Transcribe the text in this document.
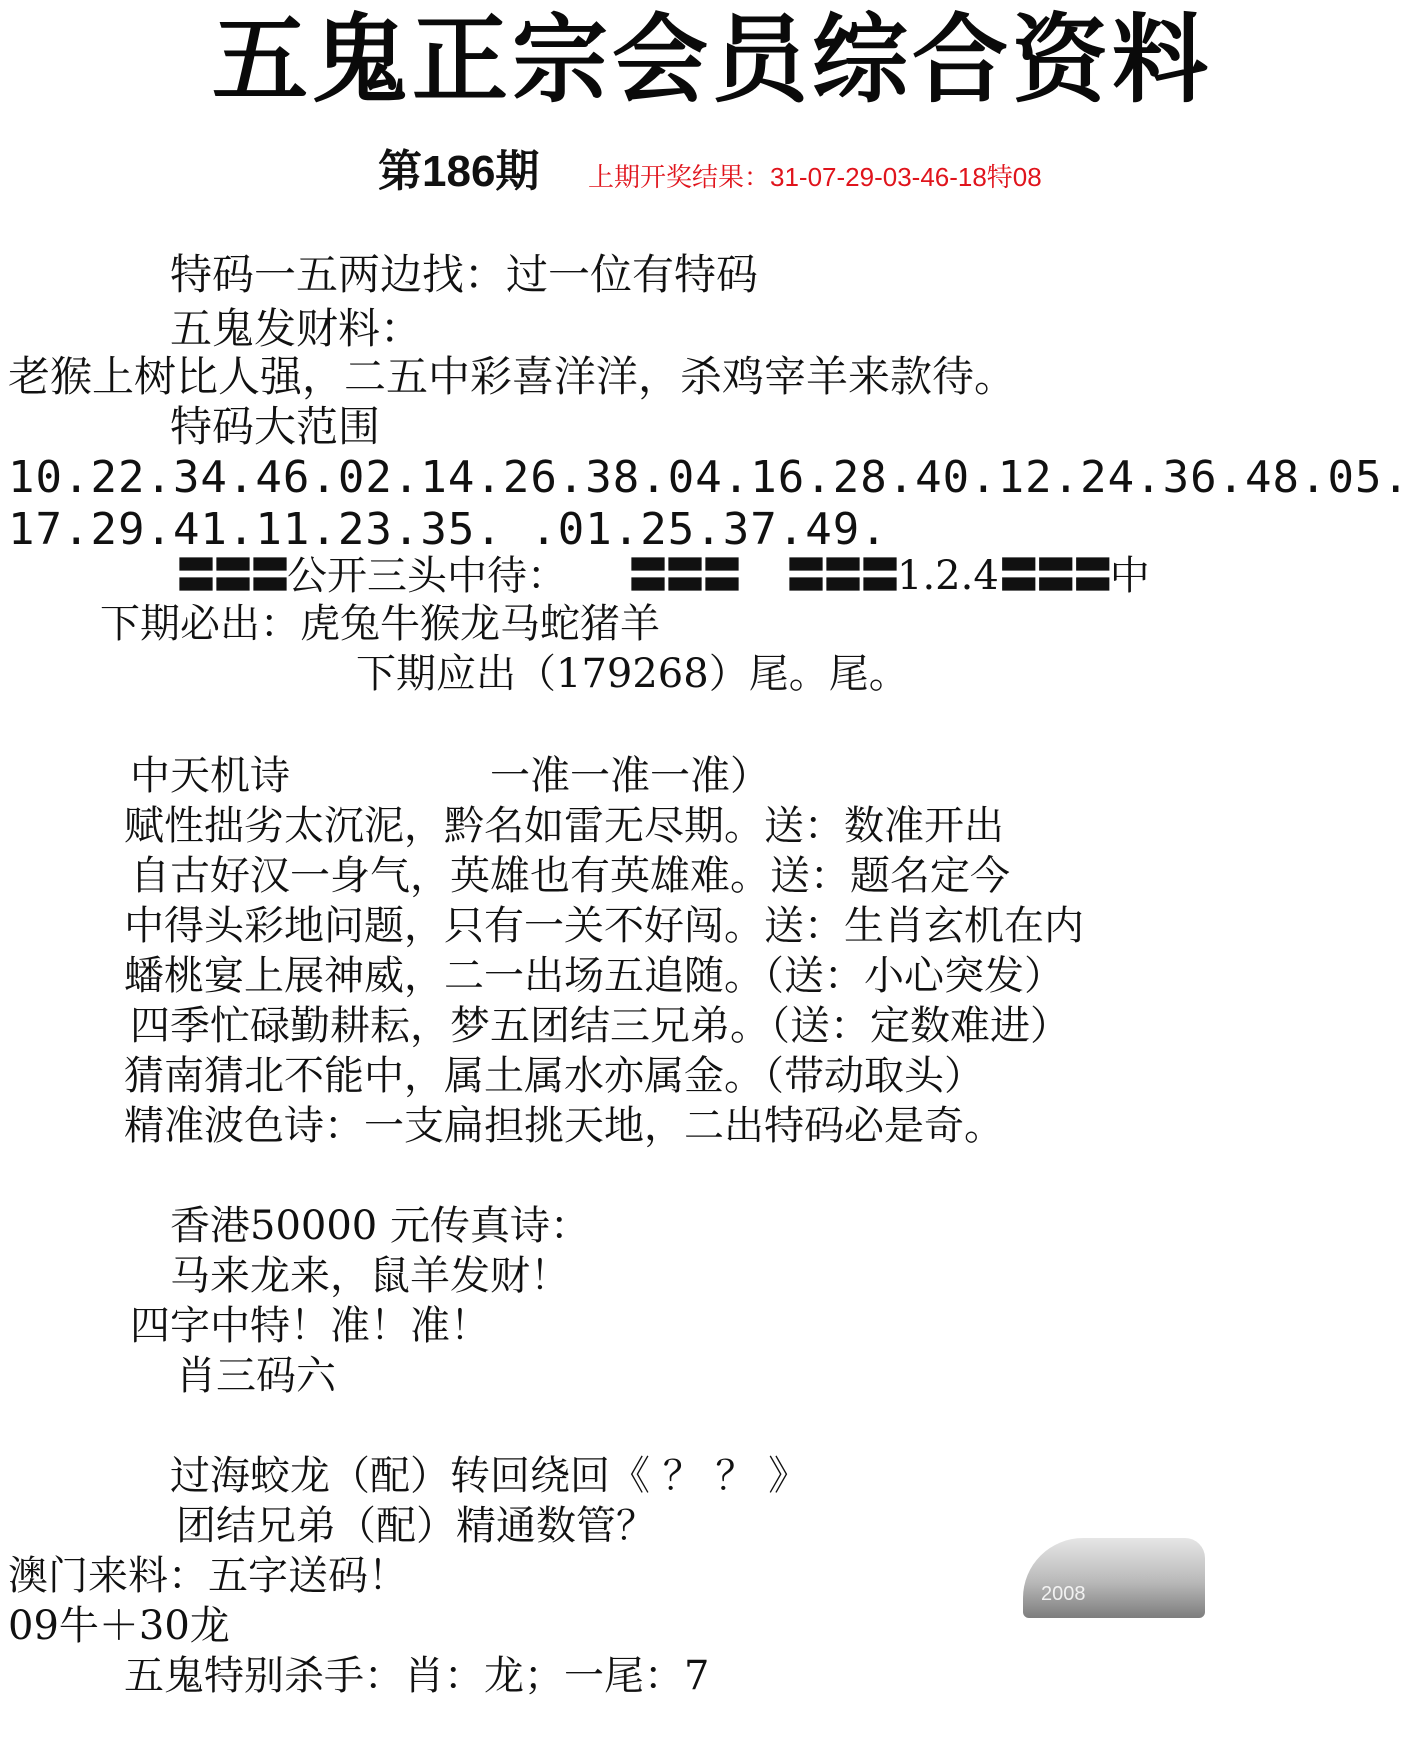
五鬼正宗会员综合资料
第186期 上期开奖结果：31-07-29-03-46-18特08
特码一五两边找：过一位有特码
五鬼发财料：
老猴上树比人强，二五中彩喜洋洋，杀鸡宰羊来款待。
特码大范围
10.22.34.46.02.14.26.38.04.16.28.40.12.24.36.48.05.
17.29.41.11.23.35. .01.25.37.49.
〓〓〓公开三头中待： 〓〓〓 〓〓〓1.2.4〓〓〓中
下期必出：虎兔牛猴龙马蛇猪羊
下期应出（179268）尾。尾。
中天机诗	一准一准一准）
赋性拙劣太沉泥，黔名如雷无尽期。送：数准开出
自古好汉一身气，英雄也有英雄难。送：题名定今
中得头彩地问题，只有一关不好闯。送：生肖玄机在内
蟠桃宴上展神威，二一出场五追随。（送：小心突发）
四季忙碌勤耕耘，梦五团结三兄弟。（送：定数难进）
猜南猜北不能中，属土属水亦属金。（带动取头）
精准波色诗：一支扁担挑天地，二出特码必是奇。
香港50000 元传真诗：
马来龙来，鼠羊发财！
四字中特！准！准！
肖三码六
过海蛟龙（配）转回绕回《 ？ ？ 》
团结兄弟（配）精通数管？
澳门来料：五字送码！
09牛＋30龙
五鬼特别杀手：肖：龙；一尾：7
2008
